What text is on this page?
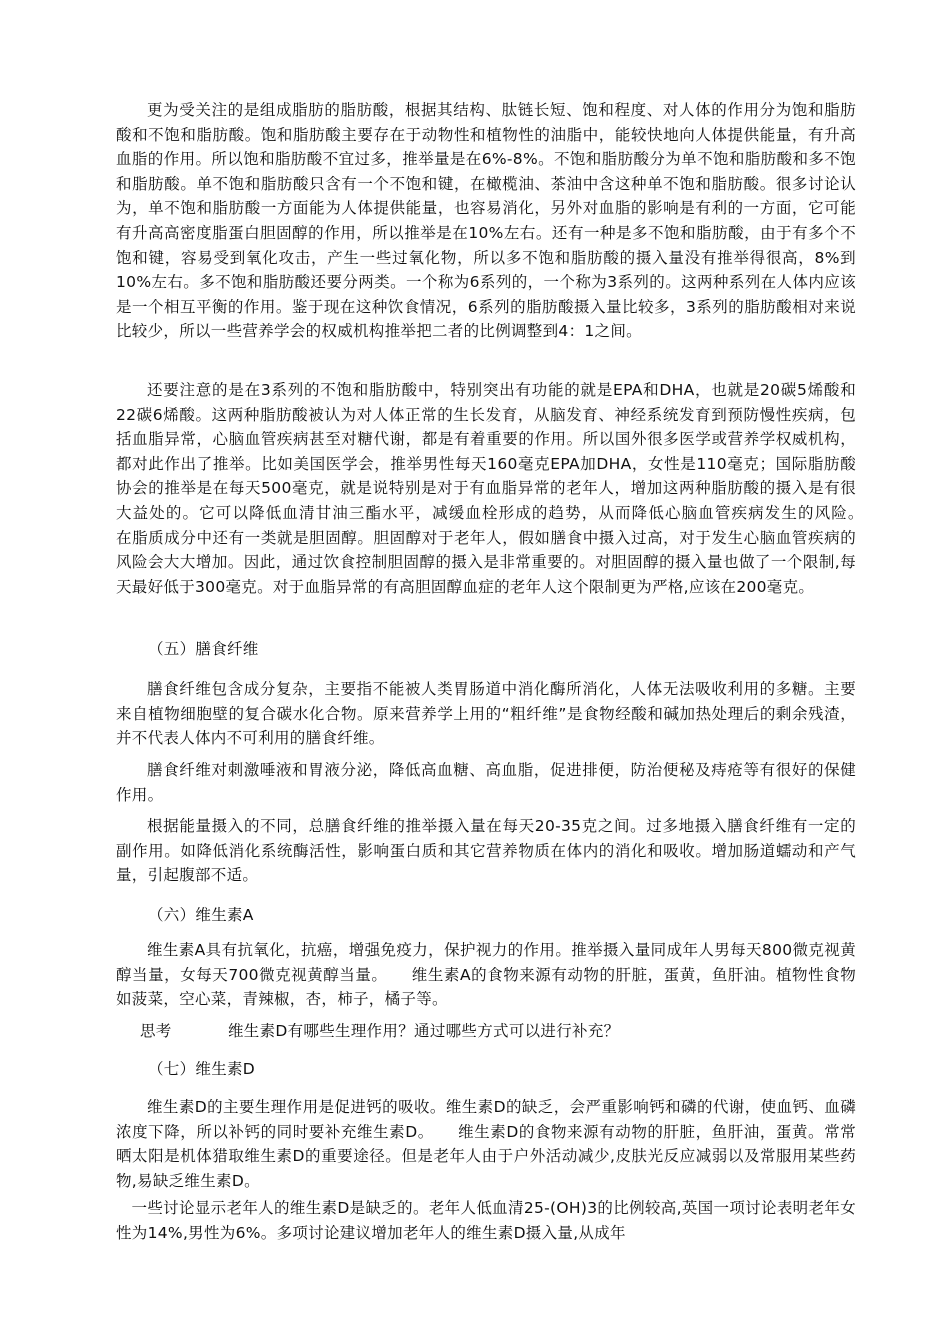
更为受关注的是组成脂肪的脂肪酸，根据其结构、肽链长短、饱和程度、对人体的作用分为饱和脂肪酸和不饱和脂肪酸。饱和脂肪酸主要存在于动物性和植物性的油脂中，能较快地向人体提供能量，有升高血脂的作用。所以饱和脂肪酸不宜过多，推举量是在6%-8%。不饱和脂肪酸分为单不饱和脂肪酸和多不饱和脂肪酸。单不饱和脂肪酸只含有一个不饱和键，在橄榄油、茶油中含这种单不饱和脂肪酸。很多讨论认为，单不饱和脂肪酸一方面能为人体提供能量，也容易消化，另外对血脂的影响是有利的一方面，它可能有升高高密度脂蛋白胆固醇的作用，所以推举是在10%左右。还有一种是多不饱和脂肪酸，由于有多个不饱和键，容易受到氧化攻击，产生一些过氧化物，所以多不饱和脂肪酸的摄入量没有推举得很高，8%到10%左右。多不饱和脂肪酸还要分两类。一个称为6系列的，一个称为3系列的。这两种系列在人体内应该是一个相互平衡的作用。鉴于现在这种饮食情况，6系列的脂肪酸摄入量比较多，3系列的脂肪酸相对来说比较少，所以一些营养学会的权威机构推举把二者的比例调整到4：1之间。

还要注意的是在3系列的不饱和脂肪酸中，特别突出有功能的就是EPA和DHA，也就是20碳5烯酸和22碳6烯酸。这两种脂肪酸被认为对人体正常的生长发育，从脑发育、神经系统发育到预防慢性疾病，包括血脂异常，心脑血管疾病甚至对糖代谢，都是有着重要的作用。所以国外很多医学或营养学权威机构，都对此作出了推举。比如美国医学会，推举男性每天160毫克EPA加DHA，女性是110毫克；国际脂肪酸协会的推举是在每天500毫克，就是说特别是对于有血脂异常的老年人，增加这两种脂肪酸的摄入是有很大益处的。它可以降低血清甘油三酯水平，减缓血栓形成的趋势，从而降低心脑血管疾病发生的风险。　　在脂质成分中还有一类就是胆固醇。胆固醇对于老年人，假如膳食中摄入过高，对于发生心脑血管疾病的风险会大大增加。因此，通过饮食控制胆固醇的摄入是非常重要的。对胆固醇的摄入量也做了一个限制,每天最好低于300毫克。对于血脂异常的有高胆固醇血症的老年人这个限制更为严格,应该在200毫克。

（五）膳食纤维

膳食纤维包含成分复杂，主要指不能被人类胃肠道中消化酶所消化，人体无法吸收利用的多糖。主要来自植物细胞壁的复合碳水化合物。原来营养学上用的“粗纤维”是食物经酸和碱加热处理后的剩余残渣，并不代表人体内不可利用的膳食纤维。

膳食纤维对刺激唾液和胃液分泌，降低高血糖、高血脂，促进排便，防治便秘及痔疮等有很好的保健作用。

根据能量摄入的不同，总膳食纤维的推举摄入量在每天20-35克之间。过多地摄入膳食纤维有一定的副作用。如降低消化系统酶活性，影响蛋白质和其它营养物质在体内的消化和吸收。增加肠道蠕动和产气量，引起腹部不适。

（六）维生素A

维生素A具有抗氧化，抗癌，增强免疫力，保护视力的作用。推举摄入量同成年人男每天800微克视黄醇当量，女每天700微克视黄醇当量。　　维生素A的食物来源有动物的肝脏，蛋黄，鱼肝油。植物性食物如菠菜，空心菜，青辣椒，杏，柿子，橘子等。

思考	维生素D有哪些生理作用？通过哪些方式可以进行补充？

（七）维生素D

维生素D的主要生理作用是促进钙的吸收。维生素D的缺乏，会严重影响钙和磷的代谢，使血钙、血磷浓度下降，所以补钙的同时要补充维生素D。　　维生素D的食物来源有动物的肝脏，鱼肝油，蛋黄。常常晒太阳是机体猎取维生素D的重要途径。但是老年人由于户外活动减少,皮肤光反应减弱以及常服用某些药物,易缺乏维生素D。

一些讨论显示老年人的维生素D是缺乏的。老年人低血清25-(OH)3的比例较高,英国一项讨论表明老年女性为14%,男性为6%。多项讨论建议增加老年人的维生素D摄入量,从成年
